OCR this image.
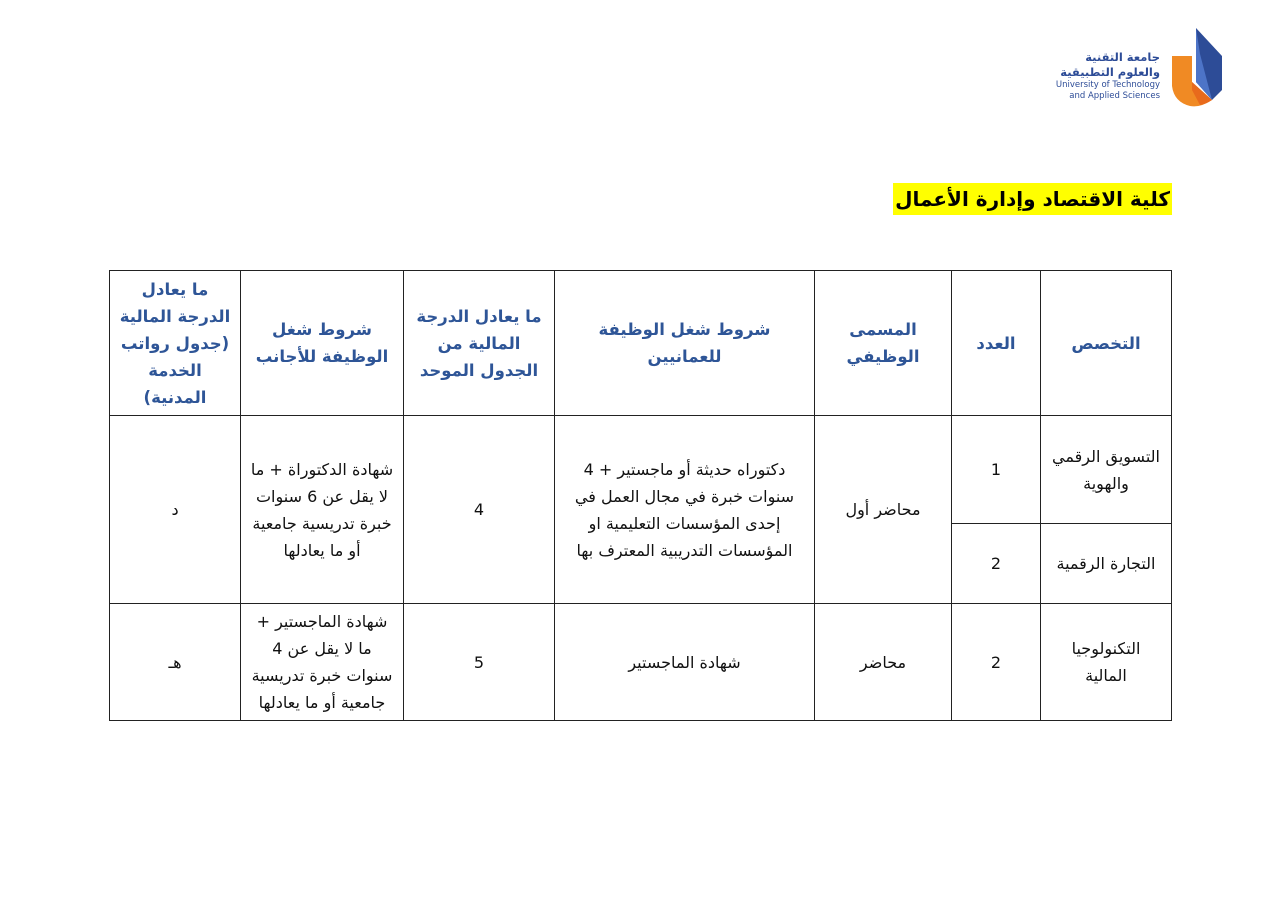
جامعة التقنية
والعلوم التطبيقية
University of Technology
and Applied Sciences
كلية الاقتصاد وإدارة الأعمال
التخصص	العدد	المسمى الوظيفي	شروط شغل الوظيفة للعمانيين	ما يعادل الدرجة المالية من الجدول الموحد	شروط شغل الوظيفة للأجانب	ما يعادل الدرجة المالية (جدول رواتب الخدمة المدنية)
التسويق الرقمي والهوية	1	محاضر أول	دكتوراه حديثة أو ماجستير + 4 سنوات خبرة في مجال العمل في إحدى المؤسسات التعليمية او المؤسسات التدريبية المعترف بها	4	شهادة الدكتوراة + ما لا يقل عن 6 سنوات خبرة تدريسية جامعية أو ما يعادلها	د
التجارة الرقمية	2					
التكنولوجيا المالية	2	محاضر	شهادة الماجستير	5	شهادة الماجستير + ما لا يقل عن 4 سنوات خبرة تدريسية جامعية أو ما يعادلها	هـ
